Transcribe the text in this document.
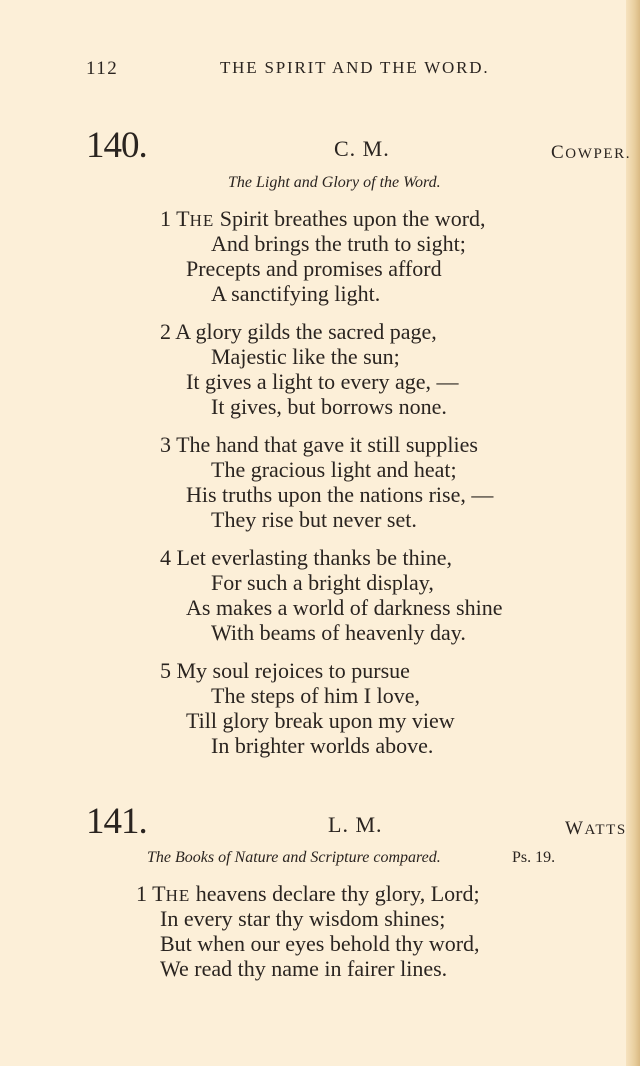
112	THE SPIRIT AND THE WORD.
140.	C. M.	COWPER.
The Light and Glory of the Word.
1 THE Spirit breathes upon the word,
And brings the truth to sight;
Precepts and promises afford
A sanctifying light.
2 A glory gilds the sacred page,
Majestic like the sun;
It gives a light to every age, —
It gives, but borrows none.
3 The hand that gave it still supplies
The gracious light and heat;
His truths upon the nations rise, —
They rise but never set.
4 Let everlasting thanks be thine,
For such a bright display,
As makes a world of darkness shine
With beams of heavenly day.
5 My soul rejoices to pursue
The steps of him I love,
Till glory break upon my view
In brighter worlds above.
141.	L. M.	WATTS
The Books of Nature and Scripture compared.	Ps. 19.
1 THE heavens declare thy glory, Lord;
In every star thy wisdom shines;
But when our eyes behold thy word,
We read thy name in fairer lines.
